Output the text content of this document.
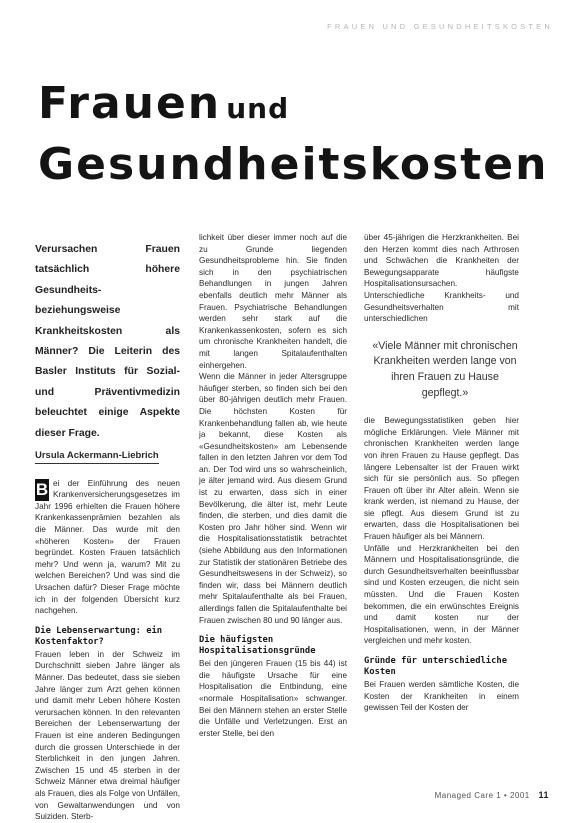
FRAUEN UND GESUNDHEITSKOSTEN
Frauen und
Gesundheitskosten

Verursachen Frauen tatsächlich höhere Gesundheits- beziehungsweise Krankheitskosten als Männer? Die Leiterin des Basler Instituts für Sozial- und Präventivmedizin beleuchtet einige Aspekte dieser Frage.

Ursula Ackermann-Liebrich

B ei der Einführung des neuen Krankenversicherungsgesetzes im Jahr 1996 erhielten die Frauen höhere Krankenkassenprämien bezahlen als die Männer. Das wurde mit den «höheren Kosten» der Frauen begründet. Kosten Frauen tatsächlich mehr? Und wenn ja, warum? Mit zu welchen Bereichen? Und was sind die Ursachen dafür? Dieser Frage möchte ich in der folgenden Übersicht kurz nachgehen.

Die Lebenserwartung: ein Kostenfaktor?

Frauen leben in der Schweiz im Durchschnitt sieben Jahre länger als Männer. Das bedeutet, dass sie sieben Jahre länger zum Arzt gehen können und damit mehr Leben höhere Kosten verursachen können. In den relevanten Bereichen der Lebenserwartung der Frauen ist eine anderen Bedingungen durch die grossen Unterschiede in der Sterblichkeit in den jungen Jahren. Zwischen 15 und 45 sterben in der Schweiz Männer etwa dreimal häufiger als Frauen, dies als Folge von Unfällen, von Gewaltanwendungen und von Suiziden. Sterb-

lichkeit über dieser immer noch auf die zu Grunde liegenden Gesundheitsprobleme hin. Sie finden sich in den psychiatrischen Behandlungen in jungen Jahren ebenfalls deutlich mehr Männer als Frauen. Psychiatrische Behandlungen werden sehr stark auf die Krankenkassenkosten, sofern es sich um chronische Krankheiten handelt, die mit langen Spitalaufenthalten einhergehen.

Wenn die Männer in jeder Altersgruppe häufiger sterben, so finden sich bei den über 80-jährigen deutlich mehr Frauen. Die höchsten Kosten für Krankenbehandlung fallen ab, wie heute ja bekannt, diese Kosten als «Gesundheitskosten» am Lebensende fallen in den letzten Jahren vor dem Tod an. Der Tod wird uns so wahrscheinlich, je älter jemand wird. Aus diesem Grund ist zu erwarten, dass sich in einer Bevölkerung, die älter ist, mehr Leute finden, die sterben, und dies damit die Kosten pro Jahr höher sind. Wenn wir die Hospitalisationsstatistik betrachtet (siehe Abbildung aus den Informationen zur Statistik der stationären Betriebe des Gesundheitswesens in der Schweiz), so finden wir, dass bei Männern deutlich mehr Spitalaufenthalte als bei Frauen, allerdings fallen die Spitalaufenthalte bei Frauen zwischen 80 und 90 länger aus.

Die häufigsten Hospitalisationsgründe

Bei den jüngeren Frauen (15 bis 44) ist die häufigste Ursache für eine Hospitalisation die Entbindung, eine «normale Hospitalisation» schwanger. Bei den Männern stehen an erster Stelle die Unfälle und Verletzungen. Erst an erster Stelle, bei den

über 45-jährigen die Herzkrankheiten. Bei den Herzen kommt dies nach Arthrosen und Schwächen die Krankheiten der Bewegungsapparate häufigste Hospitalisationsursachen. Unterschiedliche Krankheits- und Gesundheitsverhalten mit unterschiedlichen

«Viele Männer mit chronischen Krankheiten werden lange von ihren Frauen zu Hause gepflegt.»

die Bewegungsstatistiken geben hier mögliche Erklärungen. Viele Männer mit chronischen Krankheiten werden lange von ihren Frauen zu Hause gepflegt. Das längere Lebensalter ist der Frauen wirkt sich für sie persönlich aus. So pflegen Frauen oft über ihr Alter allein. Wenn sie krank werden, ist niemand zu Hause, der sie pflegt. Aus diesem Grund ist zu erwarten, dass die Hospitalisationen bei Frauen häufiger als bei Männern.

Unfälle und Herzkrankheiten bei den Männern und Hospitalisationsgründe, die durch Gesundheitsverhalten beeinflussbar sind und Kosten erzeugen, die nicht sein müssten. Und die Frauen Kosten bekommen, die ein erwünschtes Ereignis und damit kosten nur der Hospitalisationen, wenn, in der Männer vergleichen und mehr kosten.

Gründe für unterschiedliche Kosten

Bei Frauen werden sämtliche Kosten, die Kosten der Krankheiten in einem gewissen Teil der Kosten der

Managed Care 1 • 2001 11
